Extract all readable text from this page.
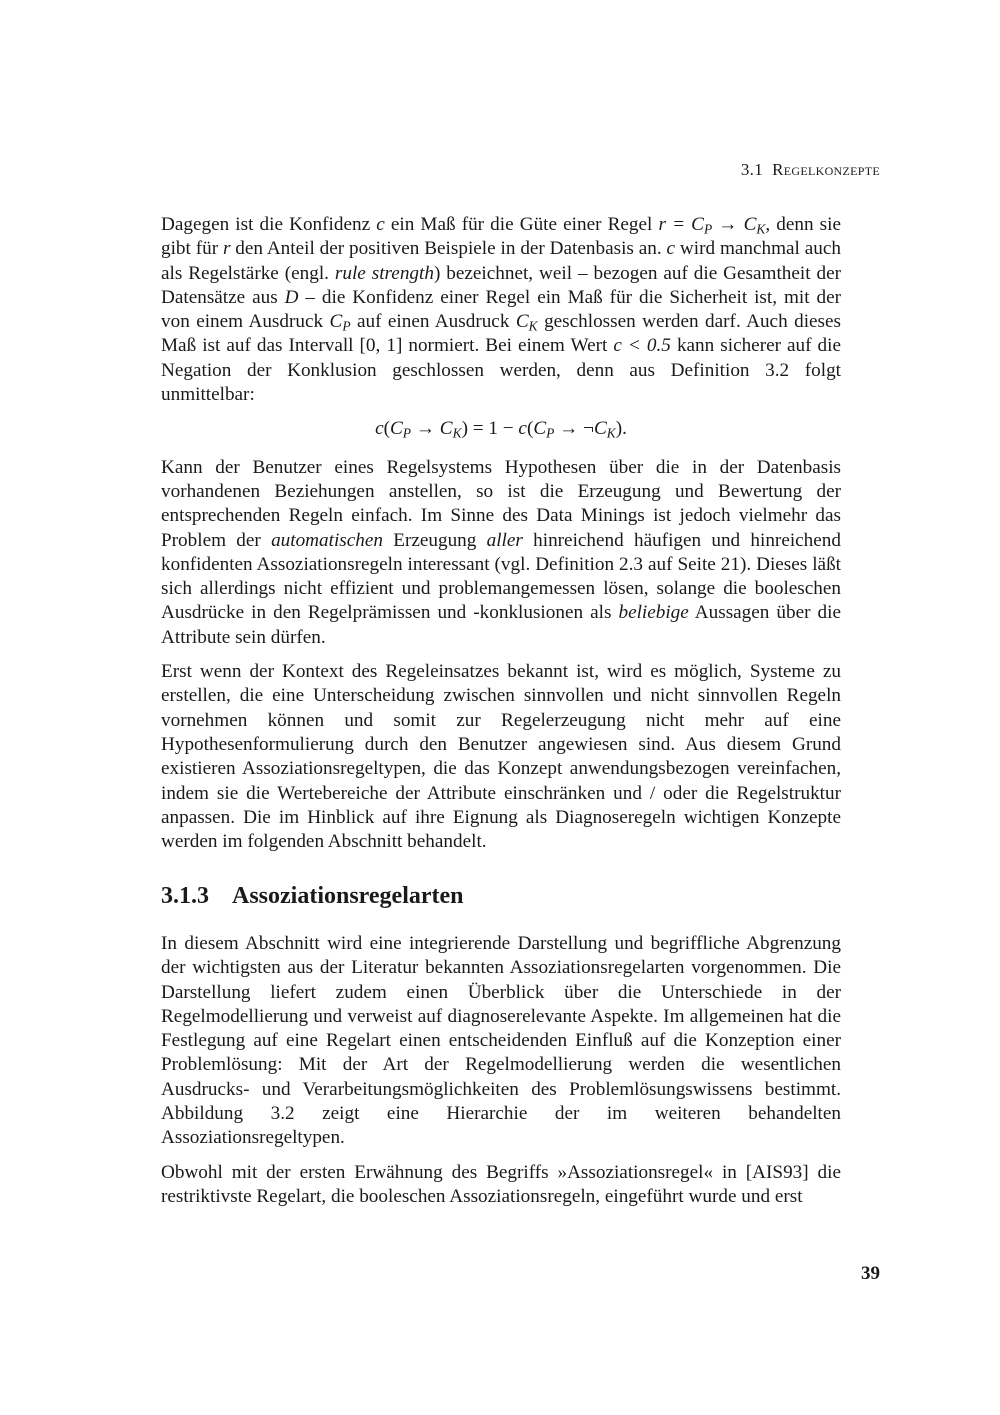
3.1 Regelkonzepte

Dagegen ist die Konfidenz c ein Maß für die Güte einer Regel $r = C_P \to C_K$, denn sie gibt für r den Anteil der positiven Beispiele in der Datenbasis an. c wird manchmal auch als Regelstärke (engl. rule strength) bezeichnet, weil – bezogen auf die Gesamtheit der Datensätze aus D – die Konfidenz einer Regel ein Maß für die Sicherheit ist, mit der von einem Ausdruck $C_P$ auf einen Ausdruck $C_K$ geschlossen werden darf. Auch dieses Maß ist auf das Intervall [0, 1] normiert. Bei einem Wert c < 0.5 kann sicherer auf die Negation der Konklusion geschlossen werden, denn aus Definition 3.2 folgt unmittelbar:

$c(C_P \to C_K) = 1 - c(C_P$ → $\neg C_K$).

Kann der Benutzer eines Regelsystems Hypothesen über die in der Datenbasis vorhandenen Beziehungen anstellen, so ist die Erzeugung und Bewertung der entsprechenden Regeln einfach. Im Sinne des Data Minings ist jedoch vielmehr das Problem der automatischen Erzeugung aller hinreichend häufigen und hinreichend konfidenten Assoziationsregeln interessant (vgl. Definition 2.3 auf Seite 21). Dieses läßt sich allerdings nicht effizient und problemangemessen lösen, solange die booleschen Ausdrücke in den Regelprämissen und -konklusionen als beliebige Aussagen über die Attribute sein dürfen.

Erst wenn der Kontext des Regeleinsatzes bekannt ist, wird es möglich, Systeme zu erstellen, die eine Unterscheidung zwischen sinnvollen und nicht sinnvollen Regeln vornehmen können und somit zur Regelerzeugung nicht mehr auf eine Hypothesenformulierung durch den Benutzer angewiesen sind. Aus diesem Grund existieren Assoziationsregeltypen, die das Konzept anwendungsbezogen vereinfachen, indem sie die Wertebereiche der Attribute einschränken und / oder die Regelstruktur anpassen. Die im Hinblick auf ihre Eignung als Diagnoseregeln wichtigen Konzepte werden im folgenden Abschnitt behandelt.

3.1.3 Assoziationsregelarten

In diesem Abschnitt wird eine integrierende Darstellung und begriffliche Abgrenzung der wichtigsten aus der Literatur bekannten Assoziationsregelarten vorgenommen. Die Darstellung liefert zudem einen Überblick über die Unterschiede in der Regelmodellierung und verweist auf diagnoserelevante Aspekte. Im allgemeinen hat die Festlegung auf eine Regelart einen entscheidenden Einfluß auf die Konzeption einer Problemlösung: Mit der Art der Regelmodellierung werden die wesentlichen Ausdrucks- und Verarbeitungsmöglichkeiten des Problemlösungswissens bestimmt. Abbildung 3.2 zeigt eine Hierarchie der im weiteren behandelten Assoziationsregeltypen.

Obwohl mit der ersten Erwähnung des Begriffs »Assoziationsregel« in [AIS93] die restriktivste Regelart, die booleschen Assoziationsregeln, eingeführt wurde und erst

39
